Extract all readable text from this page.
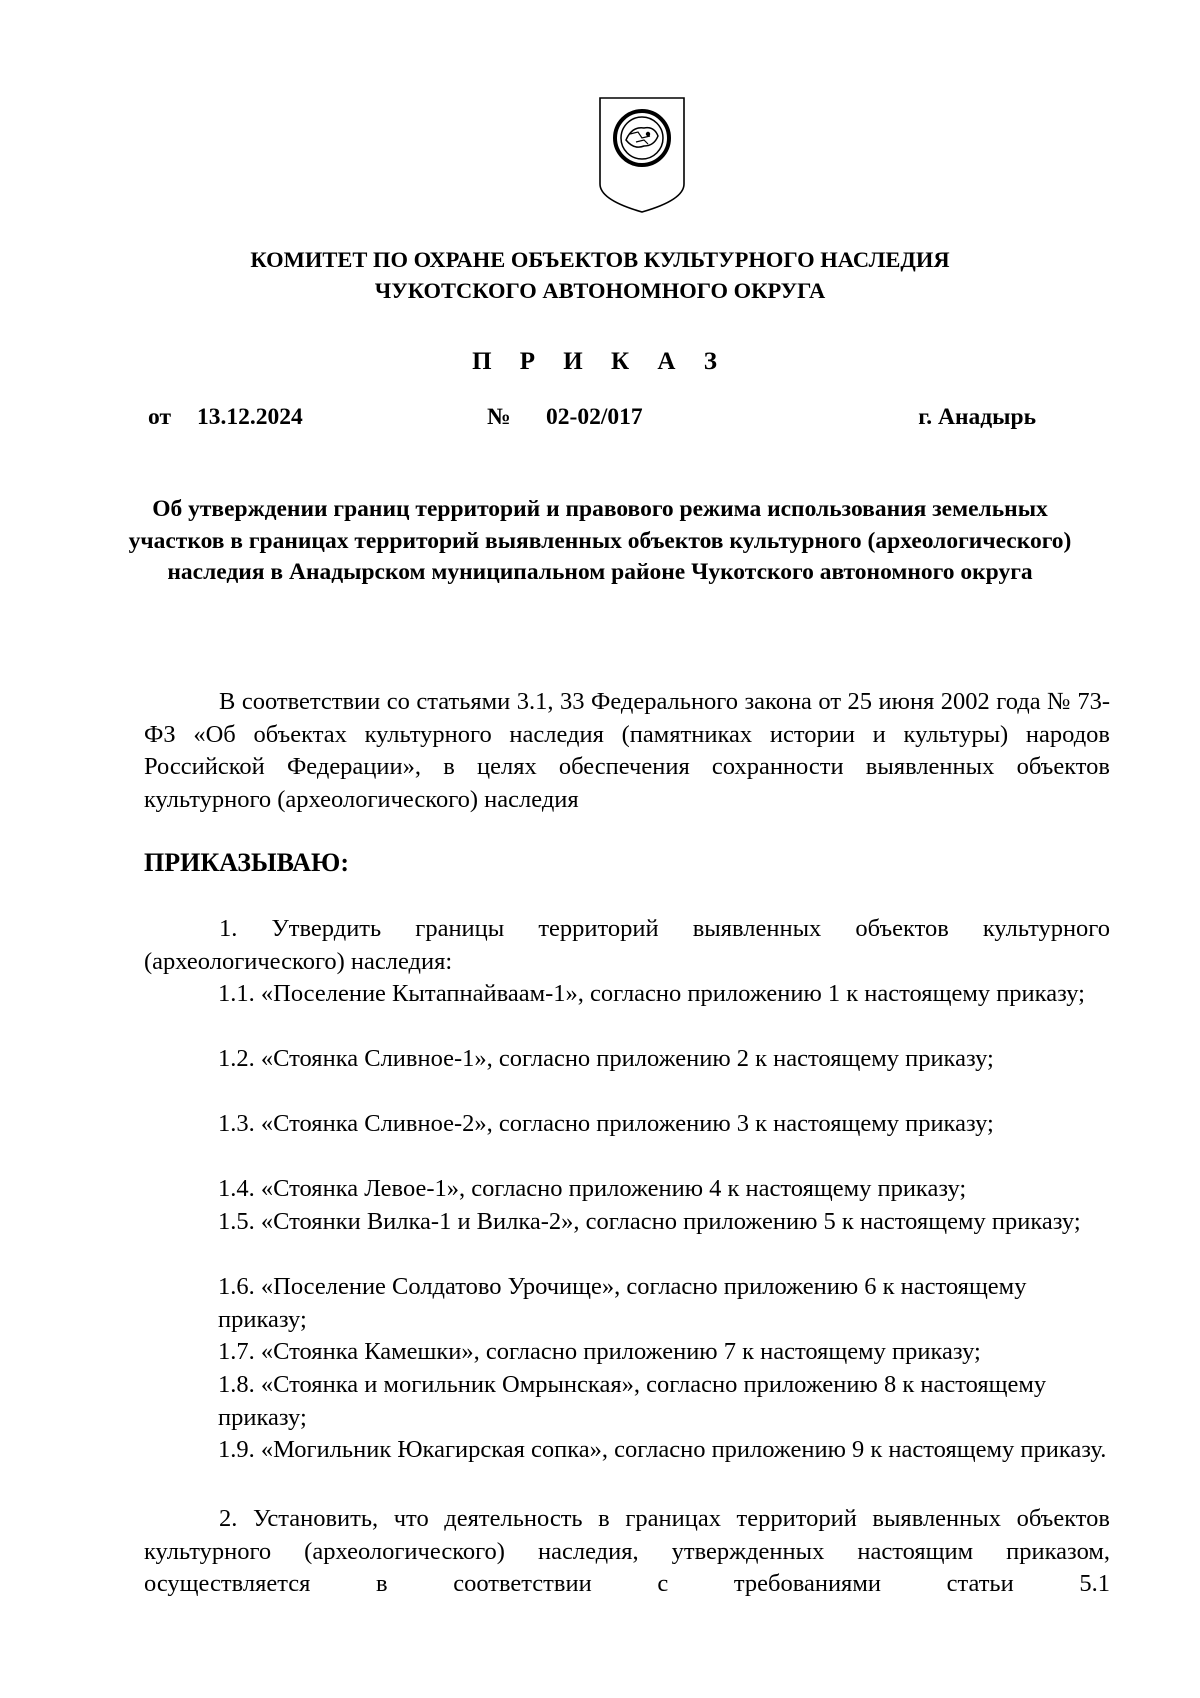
КОМИТЕТ ПО ОХРАНЕ ОБЪЕКТОВ КУЛЬТУРНОГО НАСЛЕДИЯ
ЧУКОТСКОГО АВТОНОМНОГО ОКРУГА
П Р И К А З
от 13.12.2024	№ 02-02/017	г. Анадырь
Об утверждении границ территорий и правового режима использования земельных участков в границах территорий выявленных объектов культурного (археологического) наследия в Анадырском муниципальном районе Чукотского автономного округа
В соответствии со статьями 3.1, 33 Федерального закона от 25 июня 2002 года № 73-ФЗ «Об объектах культурного наследия (памятниках истории и культуры) народов Российской Федерации», в целях обеспечения сохранности выявленных объектов культурного (археологического) наследия
ПРИКАЗЫВАЮ:
1. Утвердить границы территорий выявленных объектов культурного (археологического) наследия:
1.1. «Поселение Кытапнайваам-1», согласно приложению 1 к настоящему приказу;
1.2. «Стоянка Сливное-1», согласно приложению 2 к настоящему приказу;
1.3. «Стоянка Сливное-2», согласно приложению 3 к настоящему приказу;
1.4. «Стоянка Левое-1», согласно приложению 4 к настоящему приказу;
1.5. «Стоянки Вилка-1 и Вилка-2», согласно приложению 5 к настоящему приказу;
1.6. «Поселение Солдатово Урочище», согласно приложению 6 к настоящему приказу;
1.7. «Стоянка Камешки», согласно приложению 7 к настоящему приказу;
1.8. «Стоянка и могильник Омрынская», согласно приложению 8 к настоящему приказу;
1.9. «Могильник Юкагирская сопка», согласно приложению 9 к настоящему приказу.
2. Установить, что деятельность в границах территорий выявленных объектов культурного (археологического) наследия, утвержденных настоящим приказом, осуществляется в соответствии с требованиями статьи 5.1
